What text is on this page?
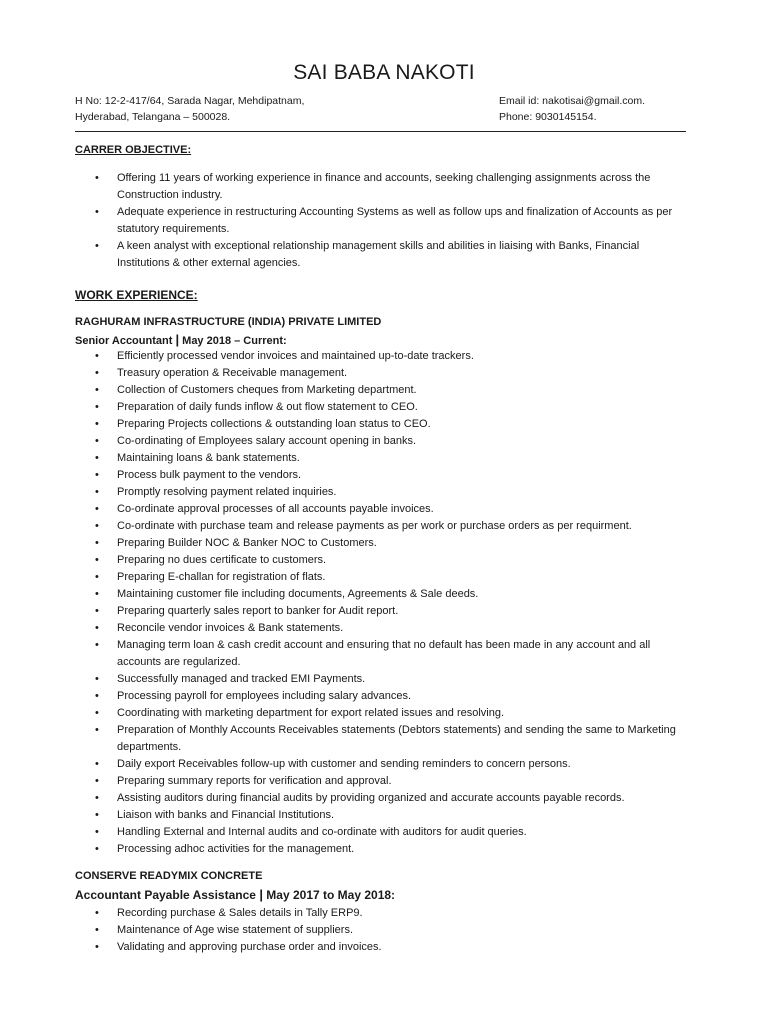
SAI BABA NAKOTI
H No: 12-2-417/64, Sarada Nagar, Mehdipatnam,
Hyderabad, Telangana – 500028.
Email id: nakotisai@gmail.com.
Phone: 9030145154.
CARRER OBJECTIVE:
• Offering 11 years of working experience in finance and accounts, seeking challenging assignments across the Construction industry.
• Adequate experience in restructuring Accounting Systems as well as follow ups and finalization of Accounts as per statutory requirements.
• A keen analyst with exceptional relationship management skills and abilities in liaising with Banks, Financial Institutions & other external agencies.
WORK EXPERIENCE:
RAGHURAM INFRASTRUCTURE (INDIA) PRIVATE LIMITED
Senior Accountant | May 2018 – Current:
• Efficiently processed vendor invoices and maintained up-to-date trackers.
• Treasury operation & Receivable management.
• Collection of Customers cheques from Marketing department.
• Preparation of daily funds inflow & out flow statement to CEO.
• Preparing Projects collections & outstanding loan status to CEO.
• Co-ordinating of Employees salary account opening in banks.
• Maintaining loans & bank statements.
• Process bulk payment to the vendors.
• Promptly resolving payment related inquiries.
• Co-ordinate approval processes of all accounts payable invoices.
• Co-ordinate with purchase team and release payments as per work or purchase orders as per requirment.
• Preparing Builder NOC & Banker NOC to Customers.
• Preparing no dues certificate to customers.
• Preparing E-challan for registration of flats.
• Maintaining customer file including documents, Agreements & Sale deeds.
• Preparing quarterly sales report to banker for Audit report.
• Reconcile vendor invoices & Bank statements.
• Managing term loan & cash credit account and ensuring that no default has been made in any account and all accounts are regularized.
• Successfully managed and tracked EMI Payments.
• Processing payroll for employees including salary advances.
• Coordinating with marketing department for export related issues and resolving.
• Preparation of Monthly Accounts Receivables statements (Debtors statements) and sending the same to Marketing departments.
• Daily export Receivables follow-up with customer and sending reminders to concern persons.
• Preparing summary reports for verification and approval.
• Assisting auditors during financial audits by providing organized and accurate accounts payable records.
• Liaison with banks and Financial Institutions.
• Handling External and Internal audits and co-ordinate with auditors for audit queries.
• Processing adhoc activities for the management.
CONSERVE READYMIX CONCRETE
Accountant Payable Assistance | May 2017 to May 2018:
• Recording purchase & Sales details in Tally ERP9.
• Maintenance of Age wise statement of suppliers.
• Validating and approving purchase order and invoices.
